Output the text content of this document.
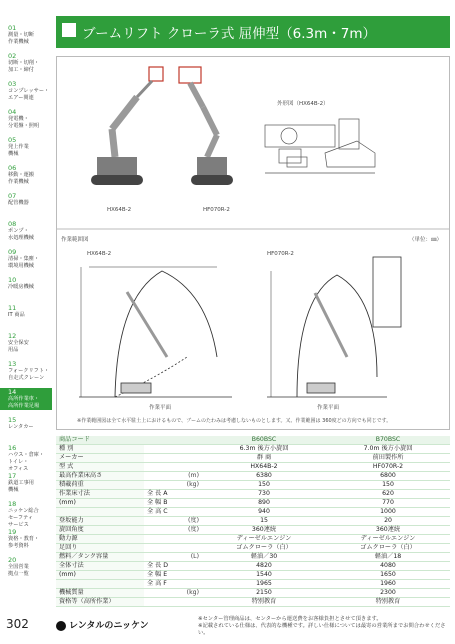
01
測量・切断
作業機械
02
切断・切削・
加工・締付
03
コンプレッサー・
エアー関連
04
発電機・
分電盤・照明
05
発上作業
機械
06
移動・運搬
作業機械
07
配管機器
08
ポンプ・
水処理機械
09
清掃・集塵・
環境用機械
10
冷暖房機械
11
IT 商品
12
安全保安
用品
13
フォークリフト・
自走式クレーン
14
高所作業車・
高所作業足場
15
レンタカー
16
ハウス・倉庫・
トイレ・
オフィス
17
鉄道工事用
機械
18
ニッケン総合
セーフティ
サービス
19
資格・教育・
参考資料
20
全国営業
拠点一覧
302
ブームリフト クローラ式 屈伸型（6.3m・7m）
HX64B-2	HF070R-2
外形図（HX64B-2）
作業範囲図	（単位：㎜）
HX64B-2	HF070R-2
作業平面	作業平面
※作業範囲図は全て水平駐土上におけるもので、ブームのたわみは考慮しないものとします。又、作業範囲は 360度どの方向でも同じです。
商品コード			B60BSC	B70BSC
種 別			6.3m 後方小旋回	7.0m 後方小旋回
メーカー			群 商	前田製作所
型 式			HX64B-2	HF070R-2
最高作業床高さ		(m)	6380	6800
積載荷重		(kg)	150	150
作業床寸法	全 長 A		730	620
(mm)	全 幅 B		890	770
	全 高 C		940	1000
登坂能力		(度)	15	20
旋回角度		(度)	360連続	360連続
動力源			ディーゼルエンジン	ディーゼルエンジン
足回り			ゴムクローラ（白）	ゴムクローラ（白）
燃料／タンク容量		(L)	軽油／30	軽油／18
全体寸法	全 長 D		4820	4080
(mm)	全 幅 E		1540	1650
	全 高 F		1965	1960
機械質量		(kg)	2150	2300
資格等（高所作業）			特別教育	特別教育
レンタルのニッケン
※センター管理商品は、センターから運送費をお客様負担とさせて頂きます。
※記載されている仕様は、代表的な機種です。詳しい仕様については最寄の営業所までお問合わせください。
